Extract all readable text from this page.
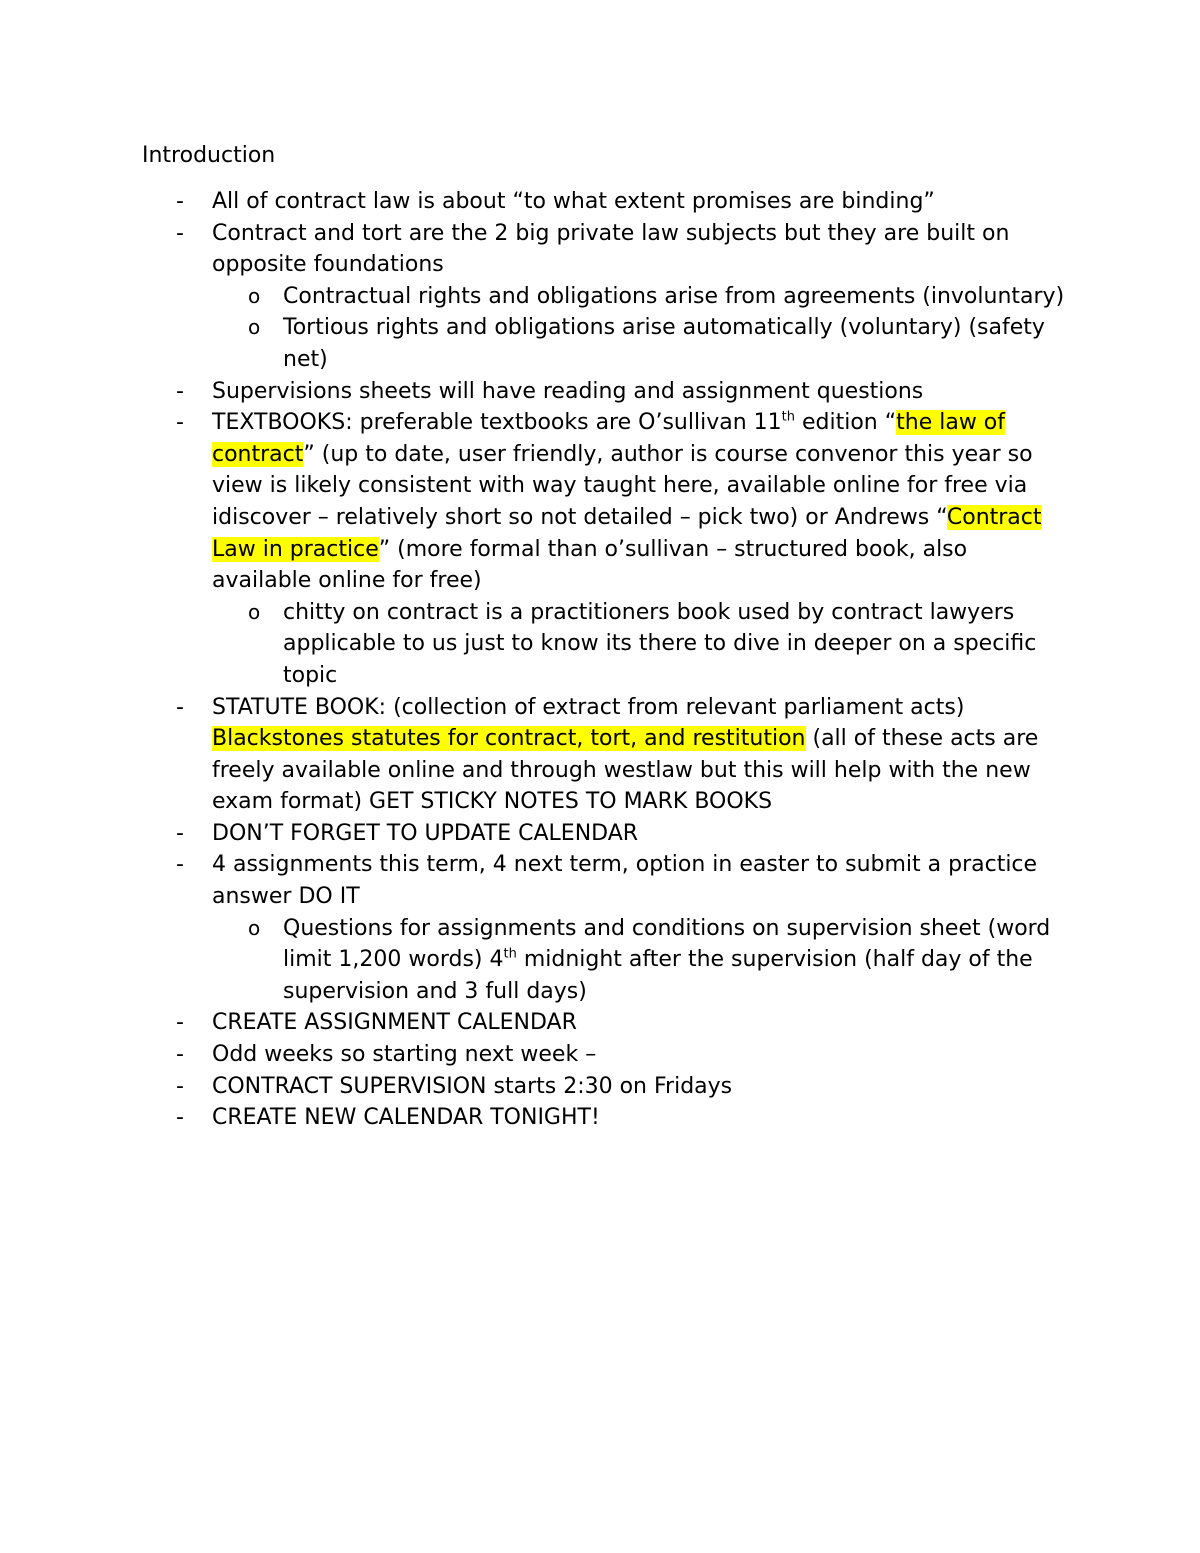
Introduction
- All of contract law is about “to what extent promises are binding”
- Contract and tort are the 2 big private law subjects but they are built on opposite foundations
o Contractual rights and obligations arise from agreements (involuntary)
o Tortious rights and obligations arise automatically (voluntary) (safety net)
- Supervisions sheets will have reading and assignment questions
- TEXTBOOKS: preferable textbooks are O’sullivan 11th edition “the law of contract” (up to date, user friendly, author is course convenor this year so view is likely consistent with way taught here, available online for free via idiscover – relatively short so not detailed – pick two) or Andrews “Contract Law in practice” (more formal than o’sullivan – structured book, also available online for free)
o chitty on contract is a practitioners book used by contract lawyers applicable to us just to know its there to dive in deeper on a specific topic
- STATUTE BOOK: (collection of extract from relevant parliament acts) Blackstones statutes for contract, tort, and restitution (all of these acts are freely available online and through westlaw but this will help with the new exam format) GET STICKY NOTES TO MARK BOOKS
- DON’T FORGET TO UPDATE CALENDAR
- 4 assignments this term, 4 next term, option in easter to submit a practice answer DO IT
o Questions for assignments and conditions on supervision sheet (word limit 1,200 words) 4th midnight after the supervision (half day of the supervision and 3 full days)
- CREATE ASSIGNMENT CALENDAR
- Odd weeks so starting next week –
- CONTRACT SUPERVISION starts 2:30 on Fridays
- CREATE NEW CALENDAR TONIGHT!
